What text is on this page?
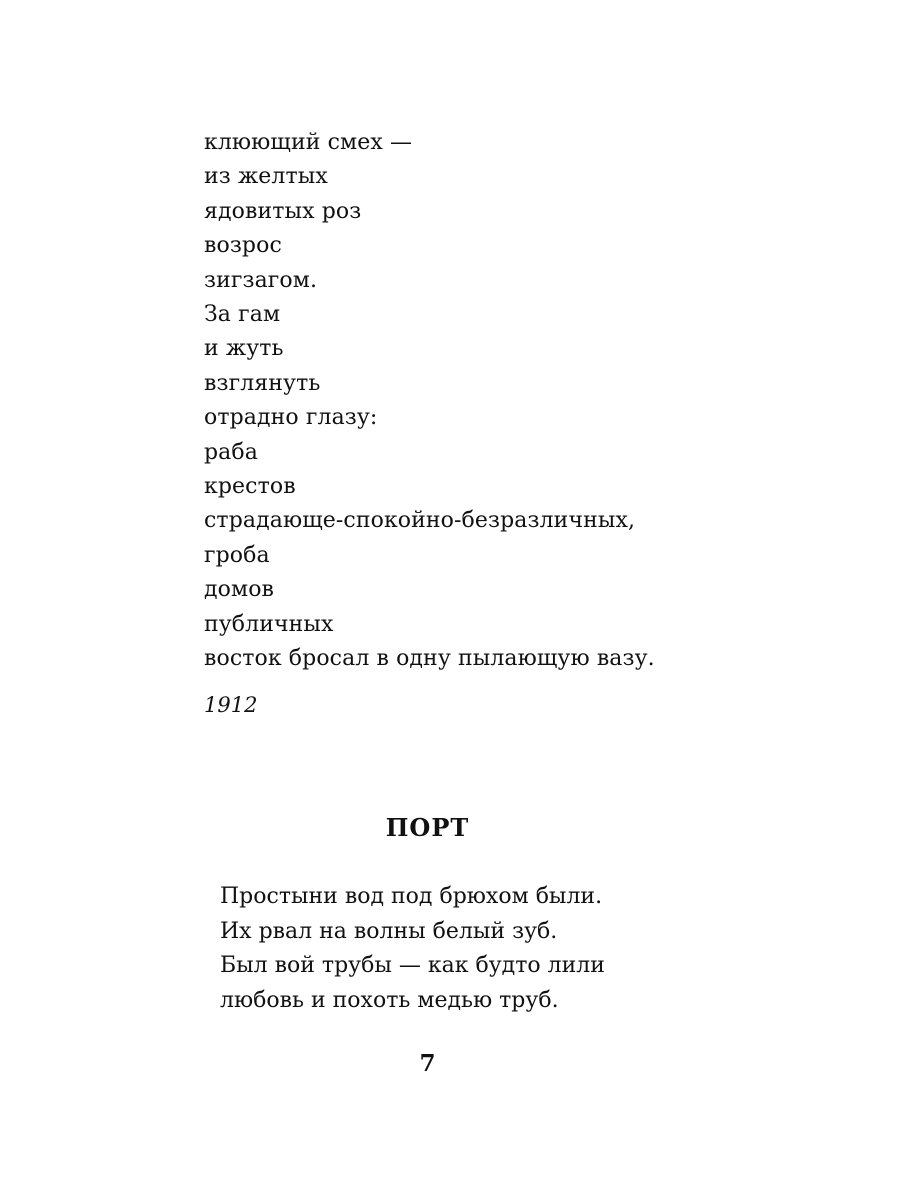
клюющий смех —
из желтых
ядовитых роз
возрос
зигзагом.
За гам
и жуть
взглянуть
отрадно глазу:
раба
крестов
страдающе-спокойно-безразличных,
гроба
домов
публичных
восток бросал в одну пылающую вазу.
1912
ПОРТ
Простыни вод под брюхом были.
Их рвал на волны белый зуб.
Был вой трубы — как будто лили
любовь и похоть медью труб.
7
